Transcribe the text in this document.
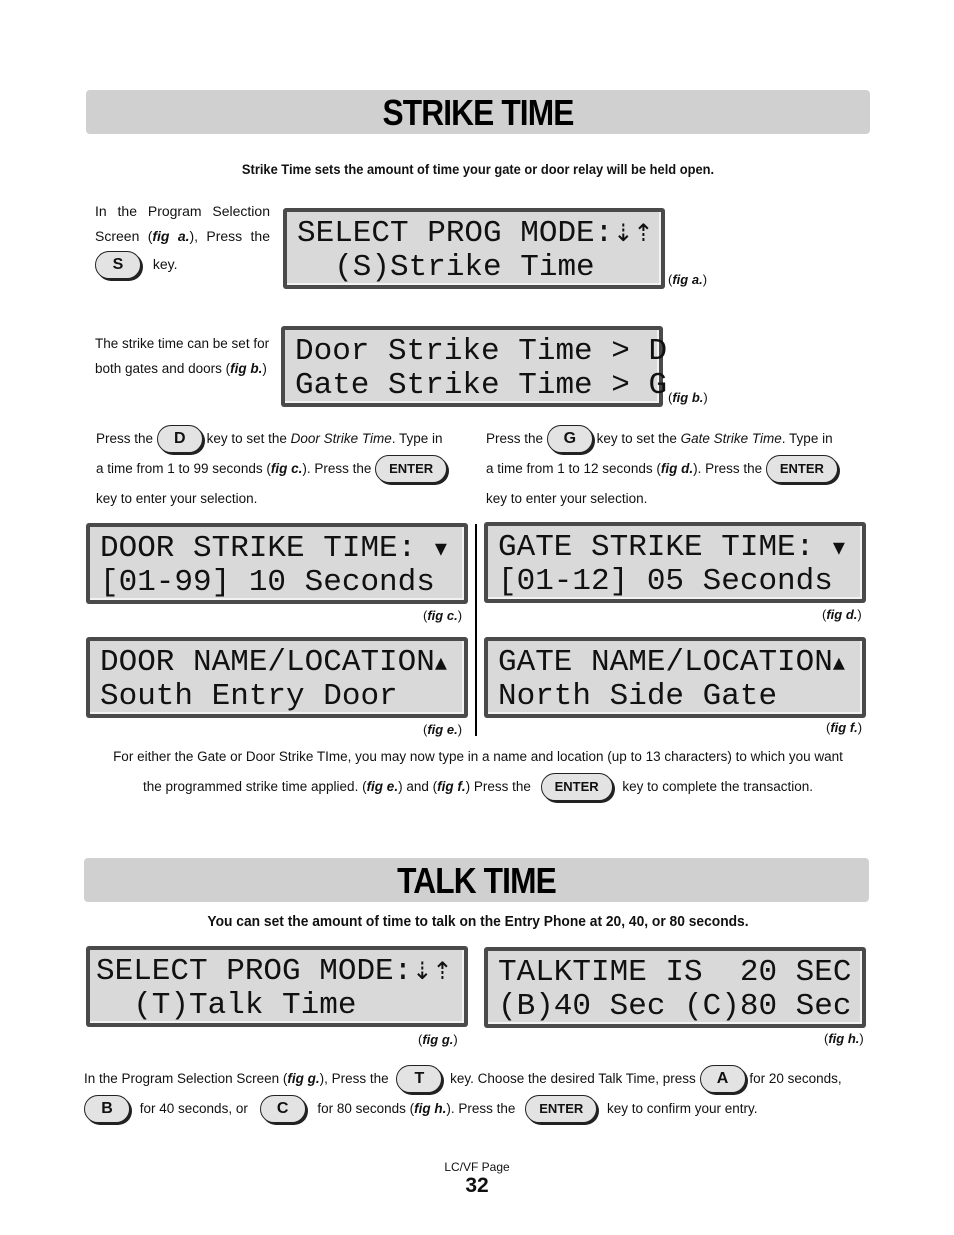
STRIKE TIME
Strike Time sets the amount of time your gate or door relay will be held open.
In the Program Selection
Screen (fig a.), Press the
S key.
SELECT PROG MODE:⇣⇡
(S)Strike Time	(fig a.)
The strike time can be set for
both gates and doors (fig b.) Door Strike Time > D
Gate Strike Time > G (fig b.)
Press the D key to set the Door Strike Time. Type in
a time from 1 to 99 seconds (fig c.). Press the ENTER
key to enter your selection.
Press the G key to set the Gate Strike Time. Type in
a time from 1 to 12 seconds (fig d.). Press the ENTER
key to enter your selection.
DOOR STRIKE TIME: ▾
[01-99] 10 Seconds
(fig c.)
GATE STRIKE TIME: ▾
[01-12] 05 Seconds
(fig d.)
DOOR NAME/LOCATION▴
South Entry Door
(fig e.)
GATE NAME/LOCATION▴
North Side Gate
(fig f.)
For either the Gate or Door Strike TIme, you may now type in a name and location (up to 13 characters) to which you want
the programmed strike time applied. (fig e.) and (fig f.) Press the ENTER key to complete the transaction.
TALK TIME
You can set the amount of time to talk on the Entry Phone at 20, 40, or 80 seconds.
SELECT PROG MODE:⇣⇡
(T)Talk Time
(fig g.)
TALKTIME IS  20 SEC
(B)40 Sec (C)80 Sec
(fig h.)
In the Program Selection Screen (fig g.), Press the T key. Choose the desired Talk Time, press A for 20 seconds,
B for 40 seconds, or C for 80 seconds (fig h.). Press the ENTER key to confirm your entry.
LC/VF Page
32
